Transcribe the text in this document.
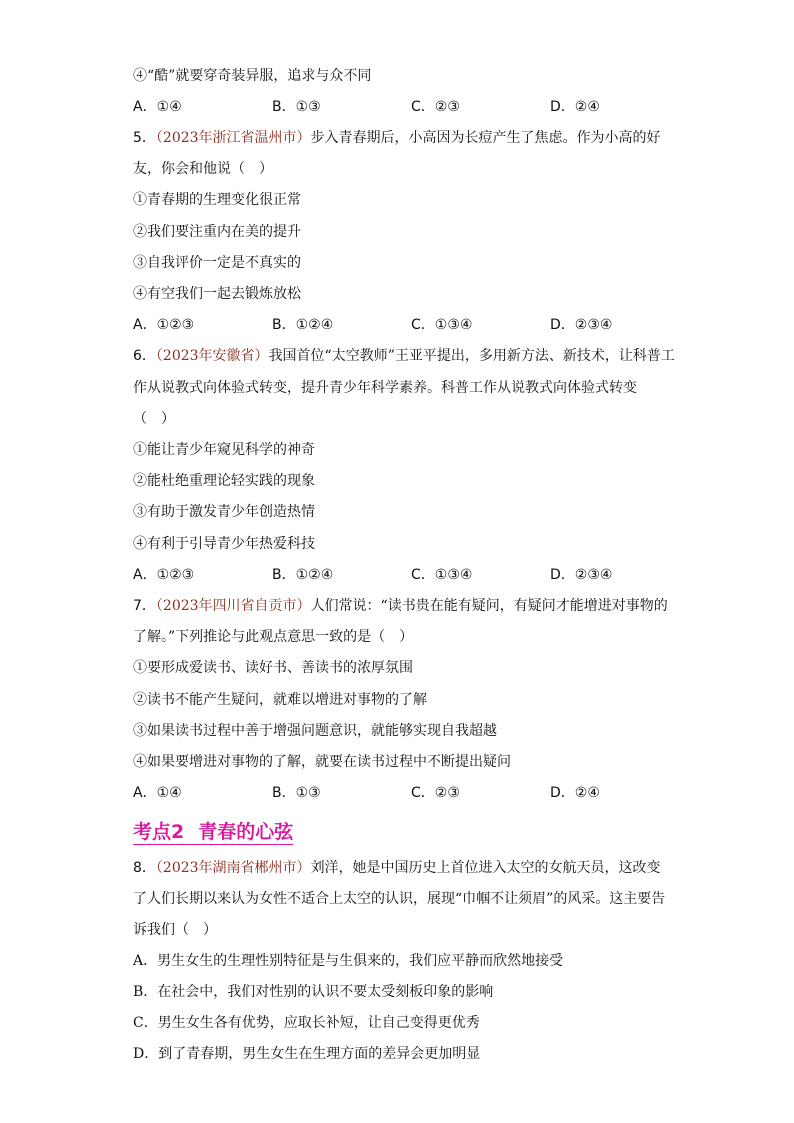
④“酷”就要穿奇装异服，追求与众不同
A．①④	B．①③	C．②③	D．②④
5．（2023年浙江省温州市）步入青春期后，小高因为长痘产生了焦虑。作为小高的好
友，你会和他说（　）
①青春期的生理变化很正常
②我们要注重内在美的提升
③自我评价一定是不真实的
④有空我们一起去锻炼放松
A．①②③	B．①②④	C．①③④	D．②③④
6．（2023年安徽省）我国首位“太空教师”王亚平提出，多用新方法、新技术，让科普工
作从说教式向体验式转变，提升青少年科学素养。科普工作从说教式向体验式转变
（　）
①能让青少年窥见科学的神奇
②能杜绝重理论轻实践的现象
③有助于激发青少年创造热情
④有利于引导青少年热爱科技
A．①②③	B．①②④	C．①③④	D．②③④
7．（2023年四川省自贡市）人们常说：“读书贵在能有疑问，有疑问才能增进对事物的
了解。”下列推论与此观点意思一致的是（　）
①要形成爱读书、读好书、善读书的浓厚氛围
②读书不能产生疑问，就难以增进对事物的了解
③如果读书过程中善于增强问题意识，就能够实现自我超越
④如果要增进对事物的了解，就要在读书过程中不断提出疑问
A．①④	B．①③	C．②③	D．②④
考点2 青春的心弦
8．（2023年湖南省郴州市）刘洋，她是中国历史上首位进入太空的女航天员，这改变
了人们长期以来认为女性不适合上太空的认识，展现“巾帼不让须眉”的风采。这主要告
诉我们（　）
A．男生女生的生理性别特征是与生俱来的，我们应平静而欣然地接受
B．在社会中，我们对性别的认识不要太受刻板印象的影响
C．男生女生各有优势，应取长补短，让自己变得更优秀
D．到了青春期，男生女生在生理方面的差异会更加明显
